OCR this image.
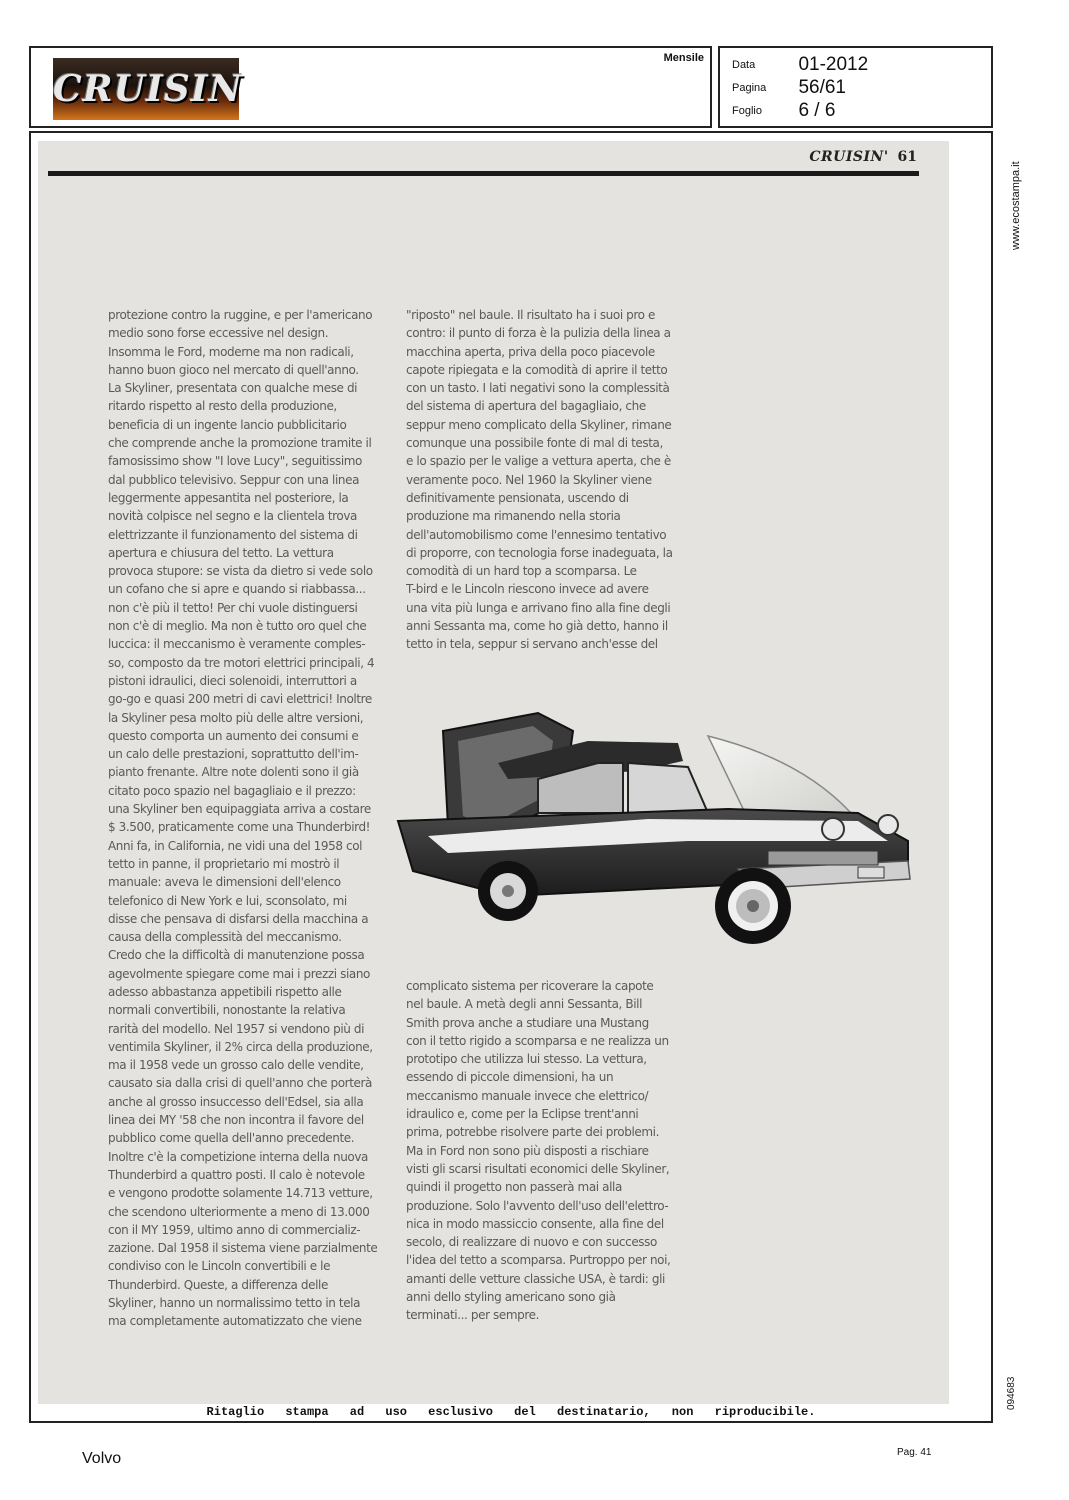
CRUISIN
Mensile
Data 01-2012
Pagina 56/61
Foglio 6 / 6
CRUISIN' 61
protezione contro la ruggine, e per l'americano
medio sono forse eccessive nel design.
Insomma le Ford, moderne ma non radicali,
hanno buon gioco nel mercato di quell'anno.
La Skyliner, presentata con qualche mese di
ritardo rispetto al resto della produzione,
beneficia di un ingente lancio pubblicitario
che comprende anche la promozione tramite il
famosissimo show "I love Lucy", seguitissimo
dal pubblico televisivo. Seppur con una linea
leggermente appesantita nel posteriore, la
novità colpisce nel segno e la clientela trova
elettrizzante il funzionamento del sistema di
apertura e chiusura del tetto. La vettura
provoca stupore: se vista da dietro si vede solo
un cofano che si apre e quando si riabbassa...
non c'è più il tetto! Per chi vuole distinguersi
non c'è di meglio. Ma non è tutto oro quel che
luccica: il meccanismo è veramente comples-
so, composto da tre motori elettrici principali, 4
pistoni idraulici, dieci solenoidi, interruttori a
go-go e quasi 200 metri di cavi elettrici! Inoltre
la Skyliner pesa molto più delle altre versioni,
questo comporta un aumento dei consumi e
un calo delle prestazioni, soprattutto dell'im-
pianto frenante. Altre note dolenti sono il già
citato poco spazio nel bagagliaio e il prezzo:
una Skyliner ben equipaggiata arriva a costare
$ 3.500, praticamente come una Thunderbird!
Anni fa, in California, ne vidi una del 1958 col
tetto in panne, il proprietario mi mostrò il
manuale: aveva le dimensioni dell'elenco
telefonico di New York e lui, sconsolato, mi
disse che pensava di disfarsi della macchina a
causa della complessità del meccanismo.
Credo che la difficoltà di manutenzione possa
agevolmente spiegare come mai i prezzi siano
adesso abbastanza appetibili rispetto alle
normali convertibili, nonostante la relativa
rarità del modello. Nel 1957 si vendono più di
ventimila Skyliner, il 2% circa della produzione,
ma il 1958 vede un grosso calo delle vendite,
causato sia dalla crisi di quell'anno che porterà
anche al grosso insuccesso dell'Edsel, sia alla
linea dei MY '58 che non incontra il favore del
pubblico come quella dell'anno precedente.
Inoltre c'è la competizione interna della nuova
Thunderbird a quattro posti. Il calo è notevole
e vengono prodotte solamente 14.713 vetture,
che scendono ulteriormente a meno di 13.000
con il MY 1959, ultimo anno di commercializ-
zazione. Dal 1958 il sistema viene parzialmente
condiviso con le Lincoln convertibili e le
Thunderbird. Queste, a differenza delle
Skyliner, hanno un normalissimo tetto in tela
ma completamente automatizzato che viene
"riposto" nel baule. Il risultato ha i suoi pro e
contro: il punto di forza è la pulizia della linea a
macchina aperta, priva della poco piacevole
capote ripiegata e la comodità di aprire il tetto
con un tasto. I lati negativi sono la complessità
del sistema di apertura del bagagliaio, che
seppur meno complicato della Skyliner, rimane
comunque una possibile fonte di mal di testa,
e lo spazio per le valige a vettura aperta, che è
veramente poco. Nel 1960 la Skyliner viene
definitivamente pensionata, uscendo di
produzione ma rimanendo nella storia
dell'automobilismo come l'ennesimo tentativo
di proporre, con tecnologia forse inadeguata, la
comodità di un hard top a scomparsa. Le
T-bird e le Lincoln riescono invece ad avere
una vita più lunga e arrivano fino alla fine degli
anni Sessanta ma, come ho già detto, hanno il
tetto in tela, seppur si servano anch'esse del
complicato sistema per ricoverare la capote
nel baule. A metà degli anni Sessanta, Bill
Smith prova anche a studiare una Mustang
con il tetto rigido a scomparsa e ne realizza un
prototipo che utilizza lui stesso. La vettura,
essendo di piccole dimensioni, ha un
meccanismo manuale invece che elettrico/
idraulico e, come per la Eclipse trent'anni
prima, potrebbe risolvere parte dei problemi.
Ma in Ford non sono più disposti a rischiare
visti gli scarsi risultati economici delle Skyliner,
quindi il progetto non passerà mai alla
produzione. Solo l'avvento dell'uso dell'elettro-
nica in modo massiccio consente, alla fine del
secolo, di realizzare di nuovo e con successo
l'idea del tetto a scomparsa. Purtroppo per noi,
amanti delle vetture classiche USA, è tardi: gli
anni dello styling americano sono già
terminati... per sempre.
Ritaglio stampa ad uso esclusivo del destinatario, non riproducibile.
www.ecostampa.it
094683
Volvo	Pag. 41
